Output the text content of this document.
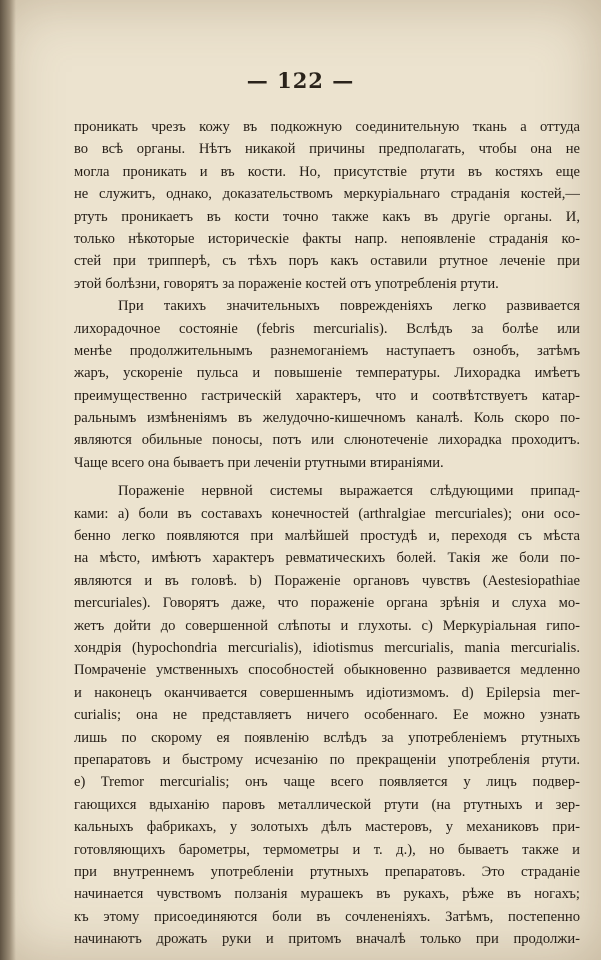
— 122 —
проникать чрезъ кожу въ подкожную соединительную ткань а оттуда
во всѣ органы. Нѣтъ никакой причины предполагать, чтобы она не
могла проникать и въ кости. Но, присутствіе ртути въ костяхъ еще
не служитъ, однако, доказательствомъ меркуріальнаго страданія костей,—
ртуть проникаетъ въ кости точно также какъ въ другіе органы. И,
только нѣкоторые историческіе факты напр. непоявленіе страданія ко-
стей при трипперѣ, съ тѣхъ поръ какъ оставили ртутное леченіе при
этой болѣзни, говорятъ за пораженіе костей отъ употребленія ртути.
При такихъ значительныхъ поврежденіяхъ легко развивается
лихорадочное состояніе (febris mercurialis). Вслѣдъ за болѣе или
менѣе продолжительнымъ разнемоганіемъ наступаетъ ознобъ, затѣмъ
жаръ, ускореніе пульса и повышеніе температуры. Лихорадка имѣетъ
преимущественно гастрическій характеръ, что и соотвѣтствуетъ катар-
ральнымъ измѣненіямъ въ желудочно-кишечномъ каналѣ. Коль скоро по-
являются обильные поносы, потъ или слюнотеченіе лихорадка проходитъ.
Чаще всего она бываетъ при леченіи ртутными втираніями.
Пораженіе нервной системы выражается слѣдующими припад-
ками: a) боли въ составахъ конечностей (arthralgiae mercuriales); они осо-
бенно легко появляются при малѣйшей простудѣ и, переходя съ мѣста
на мѣсто, имѣютъ характеръ ревматическихъ болей. Такія же боли по-
являются и въ головѣ. b) Пораженіе органовъ чувствъ (Aestesiopathiae
mercuriales). Говорятъ даже, что пораженіе органа зрѣнія и слуха мо-
жетъ дойти до совершенной слѣпоты и глухоты. c) Меркуріальная гипо-
хондрія (hypochondria mercurialis), idiotismus mercurialis, mania mercurialis.
Помраченіе умственныхъ способностей обыкновенно развивается медленно
и наконецъ оканчивается совершеннымъ идіотизмомъ. d) Epilepsia mer-
curialis; она не представляетъ ничего особеннаго. Ее можно узнать
лишь по скорому ея появленію вслѣдъ за употребленіемъ ртутныхъ
препаратовъ и быстрому исчезанію по прекращеніи употребленія ртути.
e) Tremor mercurialis; онъ чаще всего появляется у лицъ подвер-
гающихся вдыханію паровъ металлической ртути (на ртутныхъ и зер-
кальныхъ фабрикахъ, у золотыхъ дѣлъ мастеровъ, у механиковъ при-
готовляющихъ барометры, термометры и т. д.), но бываетъ также и
при внутреннемъ употребленіи ртутныхъ препаратовъ. Это страданіе
начинается чувствомъ ползанія мурашекъ въ рукахъ, рѣже въ ногахъ;
къ этому присоединяются боли въ сочлененіяхъ. Затѣмъ, постепенно
начинаютъ дрожать руки и притомъ вначалѣ только при продолжи-
